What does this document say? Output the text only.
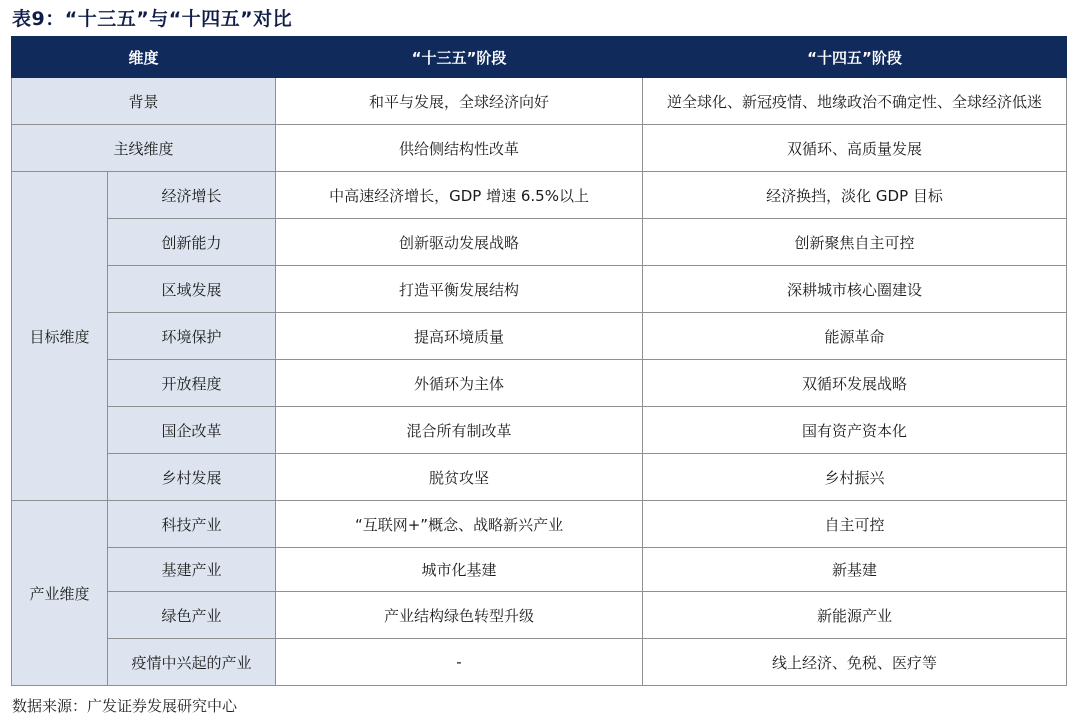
表9：“十三五”与“十四五”对比
维度		“十三五”阶段	“十四五”阶段
背景		和平与发展，全球经济向好	逆全球化、新冠疫情、地缘政治不确定性、全球经济低迷
主线维度		供给侧结构性改革	双循环、高质量发展
目标维度	经济增长	中高速经济增长，GDP 增速 6.5%以上	经济换挡，淡化 GDP 目标
	创新能力	创新驱动发展战略	创新聚焦自主可控
	区域发展	打造平衡发展结构	深耕城市核心圈建设
	环境保护	提高环境质量	能源革命
	开放程度	外循环为主体	双循环发展战略
	国企改革	混合所有制改革	国有资产资本化
	乡村发展	脱贫攻坚	乡村振兴
产业维度	科技产业	“互联网+”概念、战略新兴产业	自主可控
	基建产业	城市化基建	新基建
	绿色产业	产业结构绿色转型升级	新能源产业
	疫情中兴起的产业	-	线上经济、免税、医疗等
数据来源：广发证券发展研究中心
